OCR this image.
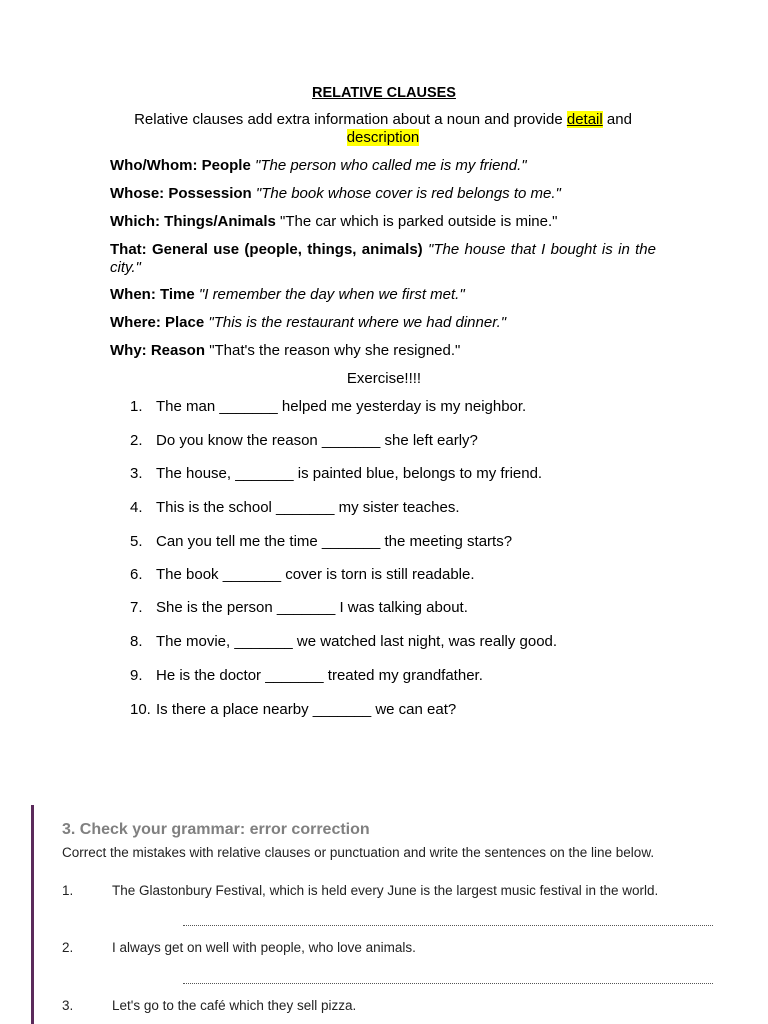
RELATIVE CLAUSES
Relative clauses add extra information about a noun and provide detail and description
Who/Whom: People "The person who called me is my friend."
Whose: Possession "The book whose cover is red belongs to me."
Which: Things/Animals "The car which is parked outside is mine."
That: General use (people, things, animals) "The house that I bought is in the city."
When: Time "I remember the day when we first met."
Where: Place "This is the restaurant where we had dinner."
Why: Reason "That's the reason why she resigned."
Exercise!!!!
1. The man _______ helped me yesterday is my neighbor.
2. Do you know the reason _______ she left early?
3. The house, _______ is painted blue, belongs to my friend.
4. This is the school _______ my sister teaches.
5. Can you tell me the time _______ the meeting starts?
6. The book _______ cover is torn is still readable.
7. She is the person _______ I was talking about.
8. The movie, _______ we watched last night, was really good.
9. He is the doctor _______ treated my grandfather.
10. Is there a place nearby _______ we can eat?
3. Check your grammar: error correction
Correct the mistakes with relative clauses or punctuation and write the sentences on the line below.
1.	The Glastonbury Festival, which is held every June is the largest music festival in the world.
2.	I always get on well with people, who love animals.
3.	Let's go to the café which they sell pizza.
